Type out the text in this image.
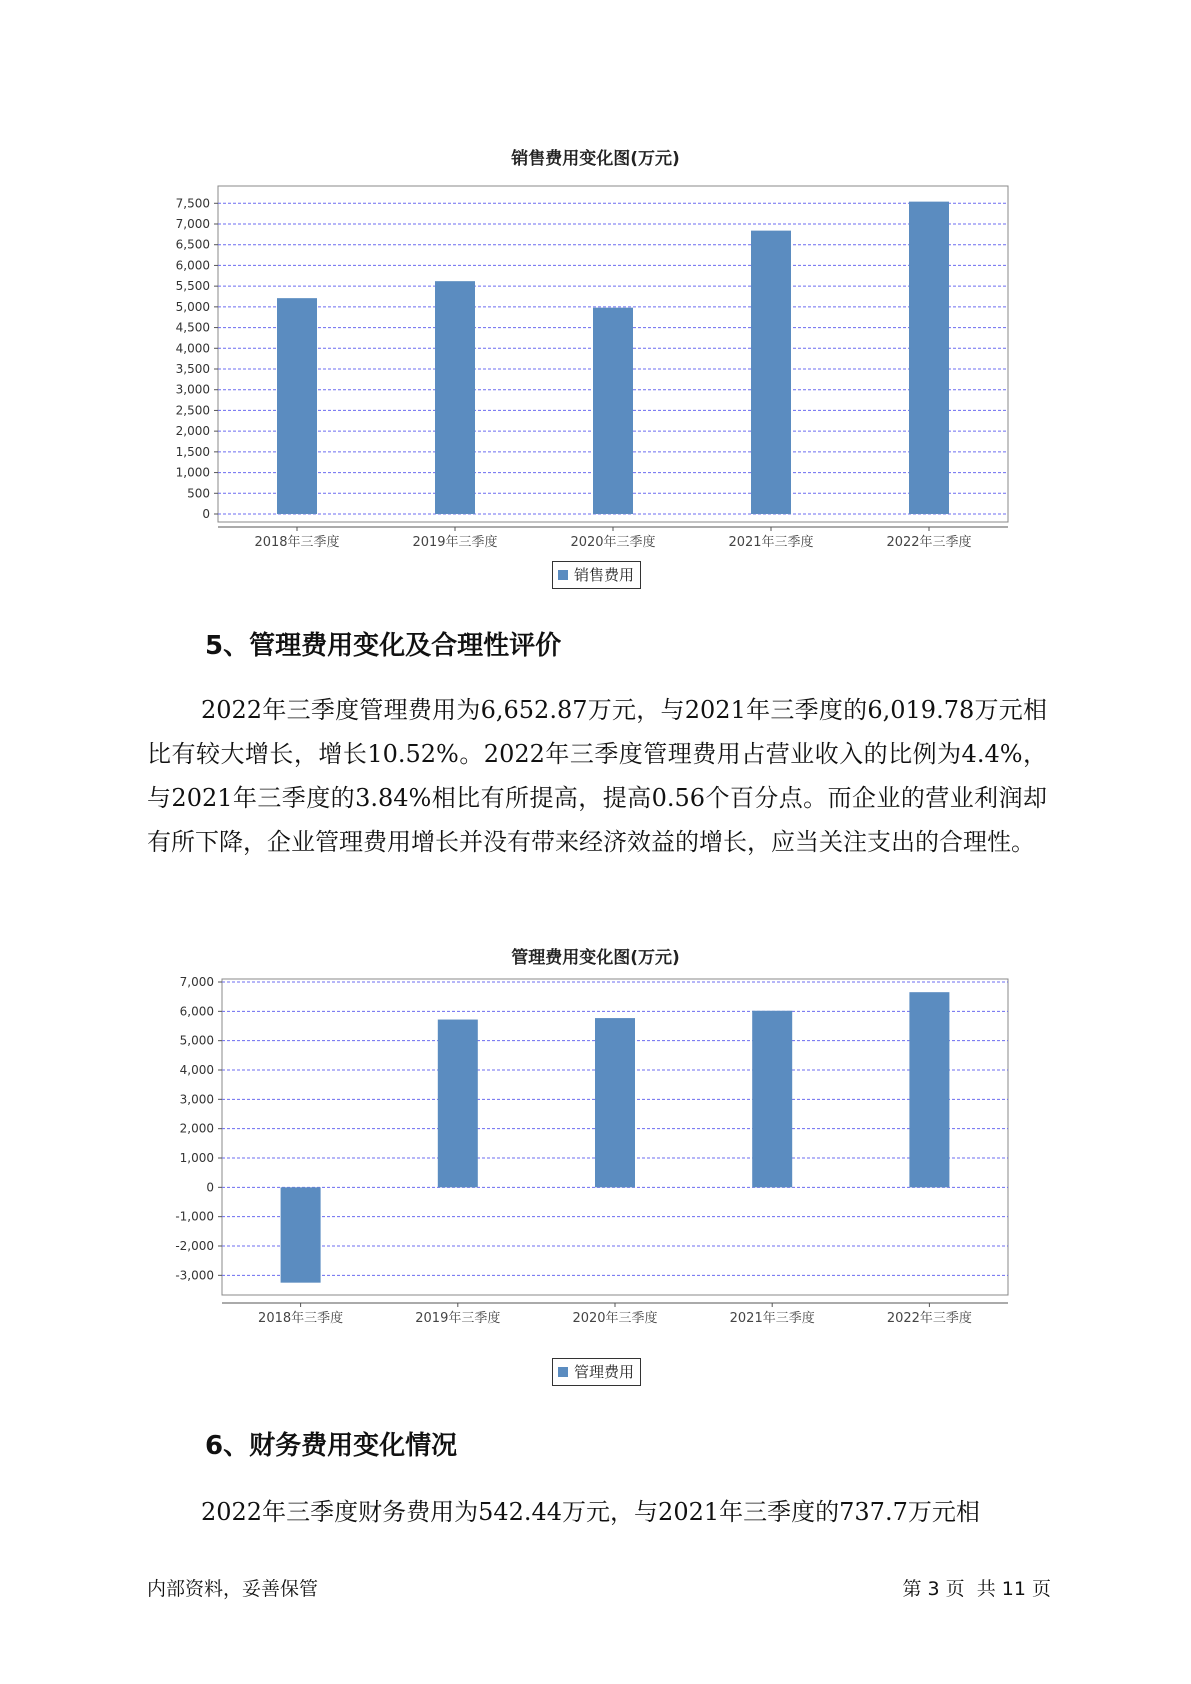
销售费用变化图(万元)
0
500
1,000
1,500
2,000
2,500
3,000
3,500
4,000
4,500
5,000
5,500
6,000
6,500
7,000
7,500
2018年三季度	2019年三季度	2020年三季度	2021年三季度	2022年三季度
销售费用
5、管理费用变化及合理性评价
2022年三季度管理费用为6,652.87万元，与2021年三季度的6,019.78万元相比有较大增长，增长10.52%。2022年三季度管理费用占营业收入的比例为4.4%，与2021年三季度的3.84%相比有所提高，提高0.56个百分点。而企业的营业利润却有所下降，企业管理费用增长并没有带来经济效益的增长，应当关注支出的合理性。
管理费用变化图(万元)
-3,000
-2,000
-1,000
0
1,000
2,000
3,000
4,000
5,000
6,000
7,000
2018年三季度	2019年三季度	2020年三季度	2021年三季度	2022年三季度
管理费用
6、财务费用变化情况
2022年三季度财务费用为542.44万元，与2021年三季度的737.7万元相
内部资料，妥善保管	第 3 页  共 11 页
